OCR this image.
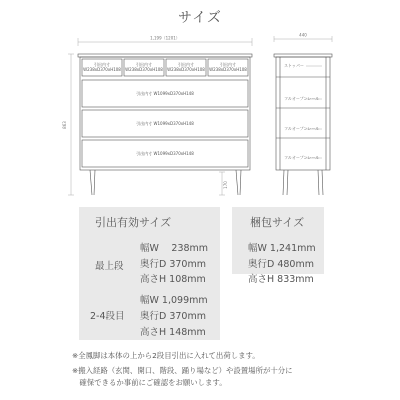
サイズ
1,199（1201）
863
170
引出内寸
W238xD370xH108
引出内寸
W238xD370xH108
引出内寸
W238xD370xH108
引出内寸
W238xD370xH108
引出内寸 W1099xD370xH148
引出内寸 W1099xD370xH148
引出内寸 W1099xD370xH148
440
ストッパー
フルオープンレール
フルオープンレール
フルオープンレール
引出有効サイズ
最上段
幅W　 238mm
奥行D 370mm
高さH 108mm
2-4段目
幅W 1,099mm
奥行D 370mm
高さH 148mm
梱包サイズ
幅W 1,241mm
奥行D 480mm
高さH 833mm
※全鳳脚は本体の上から2段目引出に入れて出荷します。
※搬入経路（玄関、開口、階段、踊り場など）や設置場所が十分に
　確保できるか事前にご確認をお願いします。
